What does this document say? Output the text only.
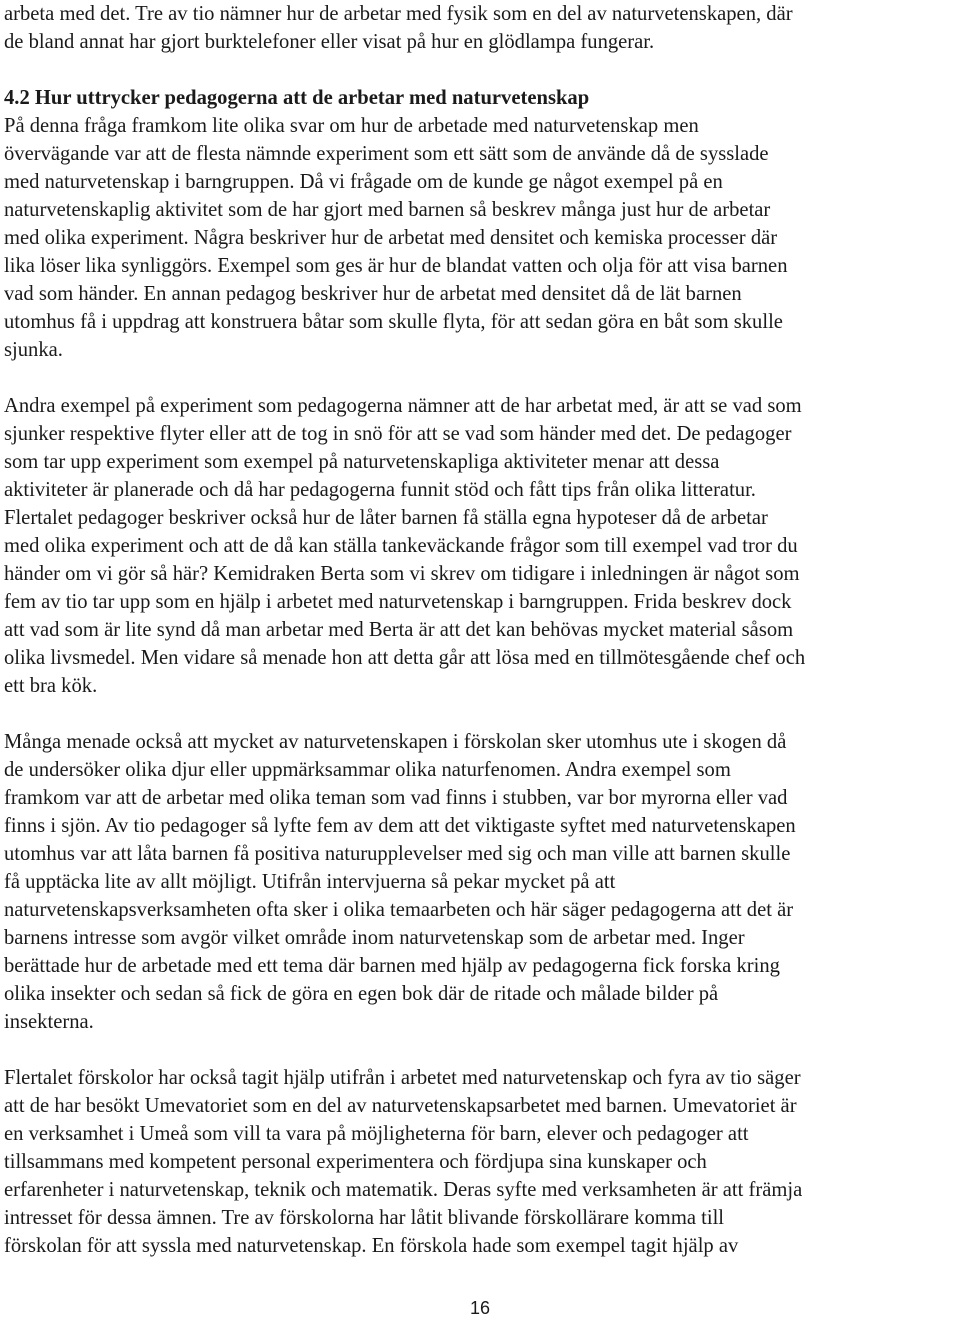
arbeta med det. Tre av tio nämner hur de arbetar med fysik som en del av naturvetenskapen, där
de bland annat har gjort burktelefoner eller visat på hur en glödlampa fungerar.
4.2 Hur uttrycker pedagogerna att de arbetar med naturvetenskap
På denna fråga framkom lite olika svar om hur de arbetade med naturvetenskap men
övervägande var att de flesta nämnde experiment som ett sätt som de använde då de sysslade
med naturvetenskap i barngruppen. Då vi frågade om de kunde ge något exempel på en
naturvetenskaplig aktivitet som de har gjort med barnen så beskrev många just hur de arbetar
med olika experiment. Några beskriver hur de arbetat med densitet och kemiska processer där
lika löser lika synliggörs. Exempel som ges är hur de blandat vatten och olja för att visa barnen
vad som händer. En annan pedagog beskriver hur de arbetat med densitet då de lät barnen
utomhus få i uppdrag att konstruera båtar som skulle flyta, för att sedan göra en båt som skulle
sjunka.
Andra exempel på experiment som pedagogerna nämner att de har arbetat med, är att se vad som
sjunker respektive flyter eller att de tog in snö för att se vad som händer med det. De pedagoger
som tar upp experiment som exempel på naturvetenskapliga aktiviteter menar att dessa
aktiviteter är planerade och då har pedagogerna funnit stöd och fått tips från olika litteratur.
Flertalet pedagoger beskriver också hur de låter barnen få ställa egna hypoteser då de arbetar
med olika experiment och att de då kan ställa tankeväckande frågor som till exempel vad tror du
händer om vi gör så här? Kemidraken Berta som vi skrev om tidigare i inledningen är något som
fem av tio tar upp som en hjälp i arbetet med naturvetenskap i barngruppen. Frida beskrev dock
att vad som är lite synd då man arbetar med Berta är att det kan behövas mycket material såsom
olika livsmedel. Men vidare så menade hon att detta går att lösa med en tillmötesgående chef och
ett bra kök.
Många menade också att mycket av naturvetenskapen i förskolan sker utomhus ute i skogen då
de undersöker olika djur eller uppmärksammar olika naturfenomen. Andra exempel som
framkom var att de arbetar med olika teman som vad finns i stubben, var bor myrorna eller vad
finns i sjön. Av tio pedagoger så lyfte fem av dem att det viktigaste syftet med naturvetenskapen
utomhus var att låta barnen få positiva naturupplevelser med sig och man ville att barnen skulle
få upptäcka lite av allt möjligt. Utifrån intervjuerna så pekar mycket på att
naturvetenskapsverksamheten ofta sker i olika temaarbeten och här säger pedagogerna att det är
barnens intresse som avgör vilket område inom naturvetenskap som de arbetar med. Inger
berättade hur de arbetade med ett tema där barnen med hjälp av pedagogerna fick forska kring
olika insekter och sedan så fick de göra en egen bok där de ritade och målade bilder på
insekterna.
Flertalet förskolor har också tagit hjälp utifrån i arbetet med naturvetenskap och fyra av tio säger
att de har besökt Umevatoriet som en del av naturvetenskapsarbetet med barnen. Umevatoriet är
en verksamhet i Umeå som vill ta vara på möjligheterna för barn, elever och pedagoger att
tillsammans med kompetent personal experimentera och fördjupa sina kunskaper och
erfarenheter i naturvetenskap, teknik och matematik. Deras syfte med verksamheten är att främja
intresset för dessa ämnen. Tre av förskolorna har låtit blivande förskollärare komma till
förskolan för att syssla med naturvetenskap. En förskola hade som exempel tagit hjälp av
16
